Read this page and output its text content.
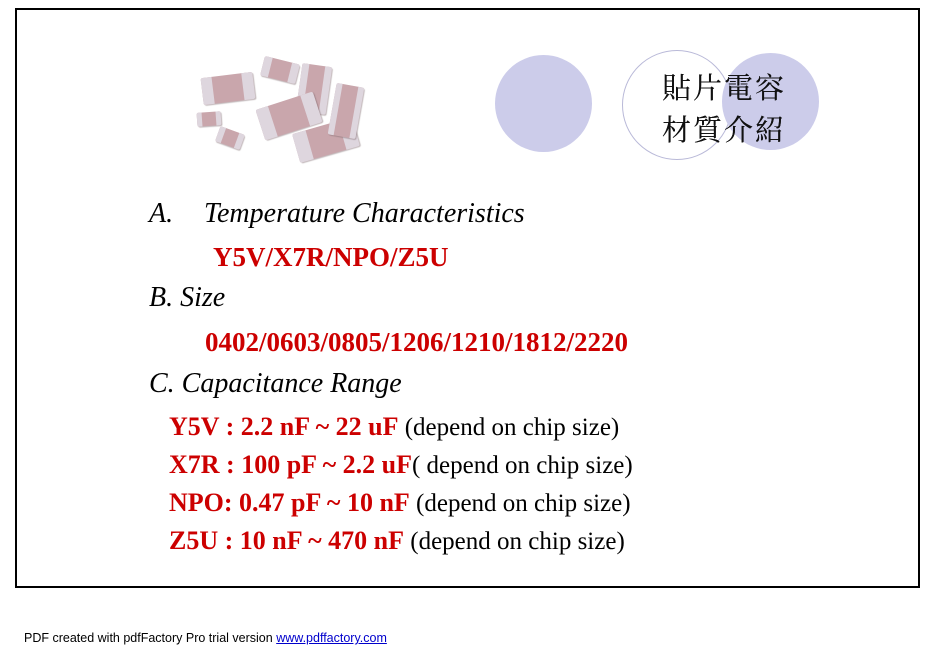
貼片電容
材質介紹
A. Temperature Characteristics
Y5V/X7R/NPO/Z5U
B. Size
0402/0603/0805/1206/1210/1812/2220
C. Capacitance Range
Y5V : 2.2 nF ~ 22 uF (depend on chip size)
X7R : 100 pF ~ 2.2 uF( depend on chip size)
NPO: 0.47 pF ~ 10 nF (depend on chip size)
Z5U : 10 nF ~ 470 nF (depend on chip size)
PDF created with pdfFactory Pro trial version www.pdffactory.com
